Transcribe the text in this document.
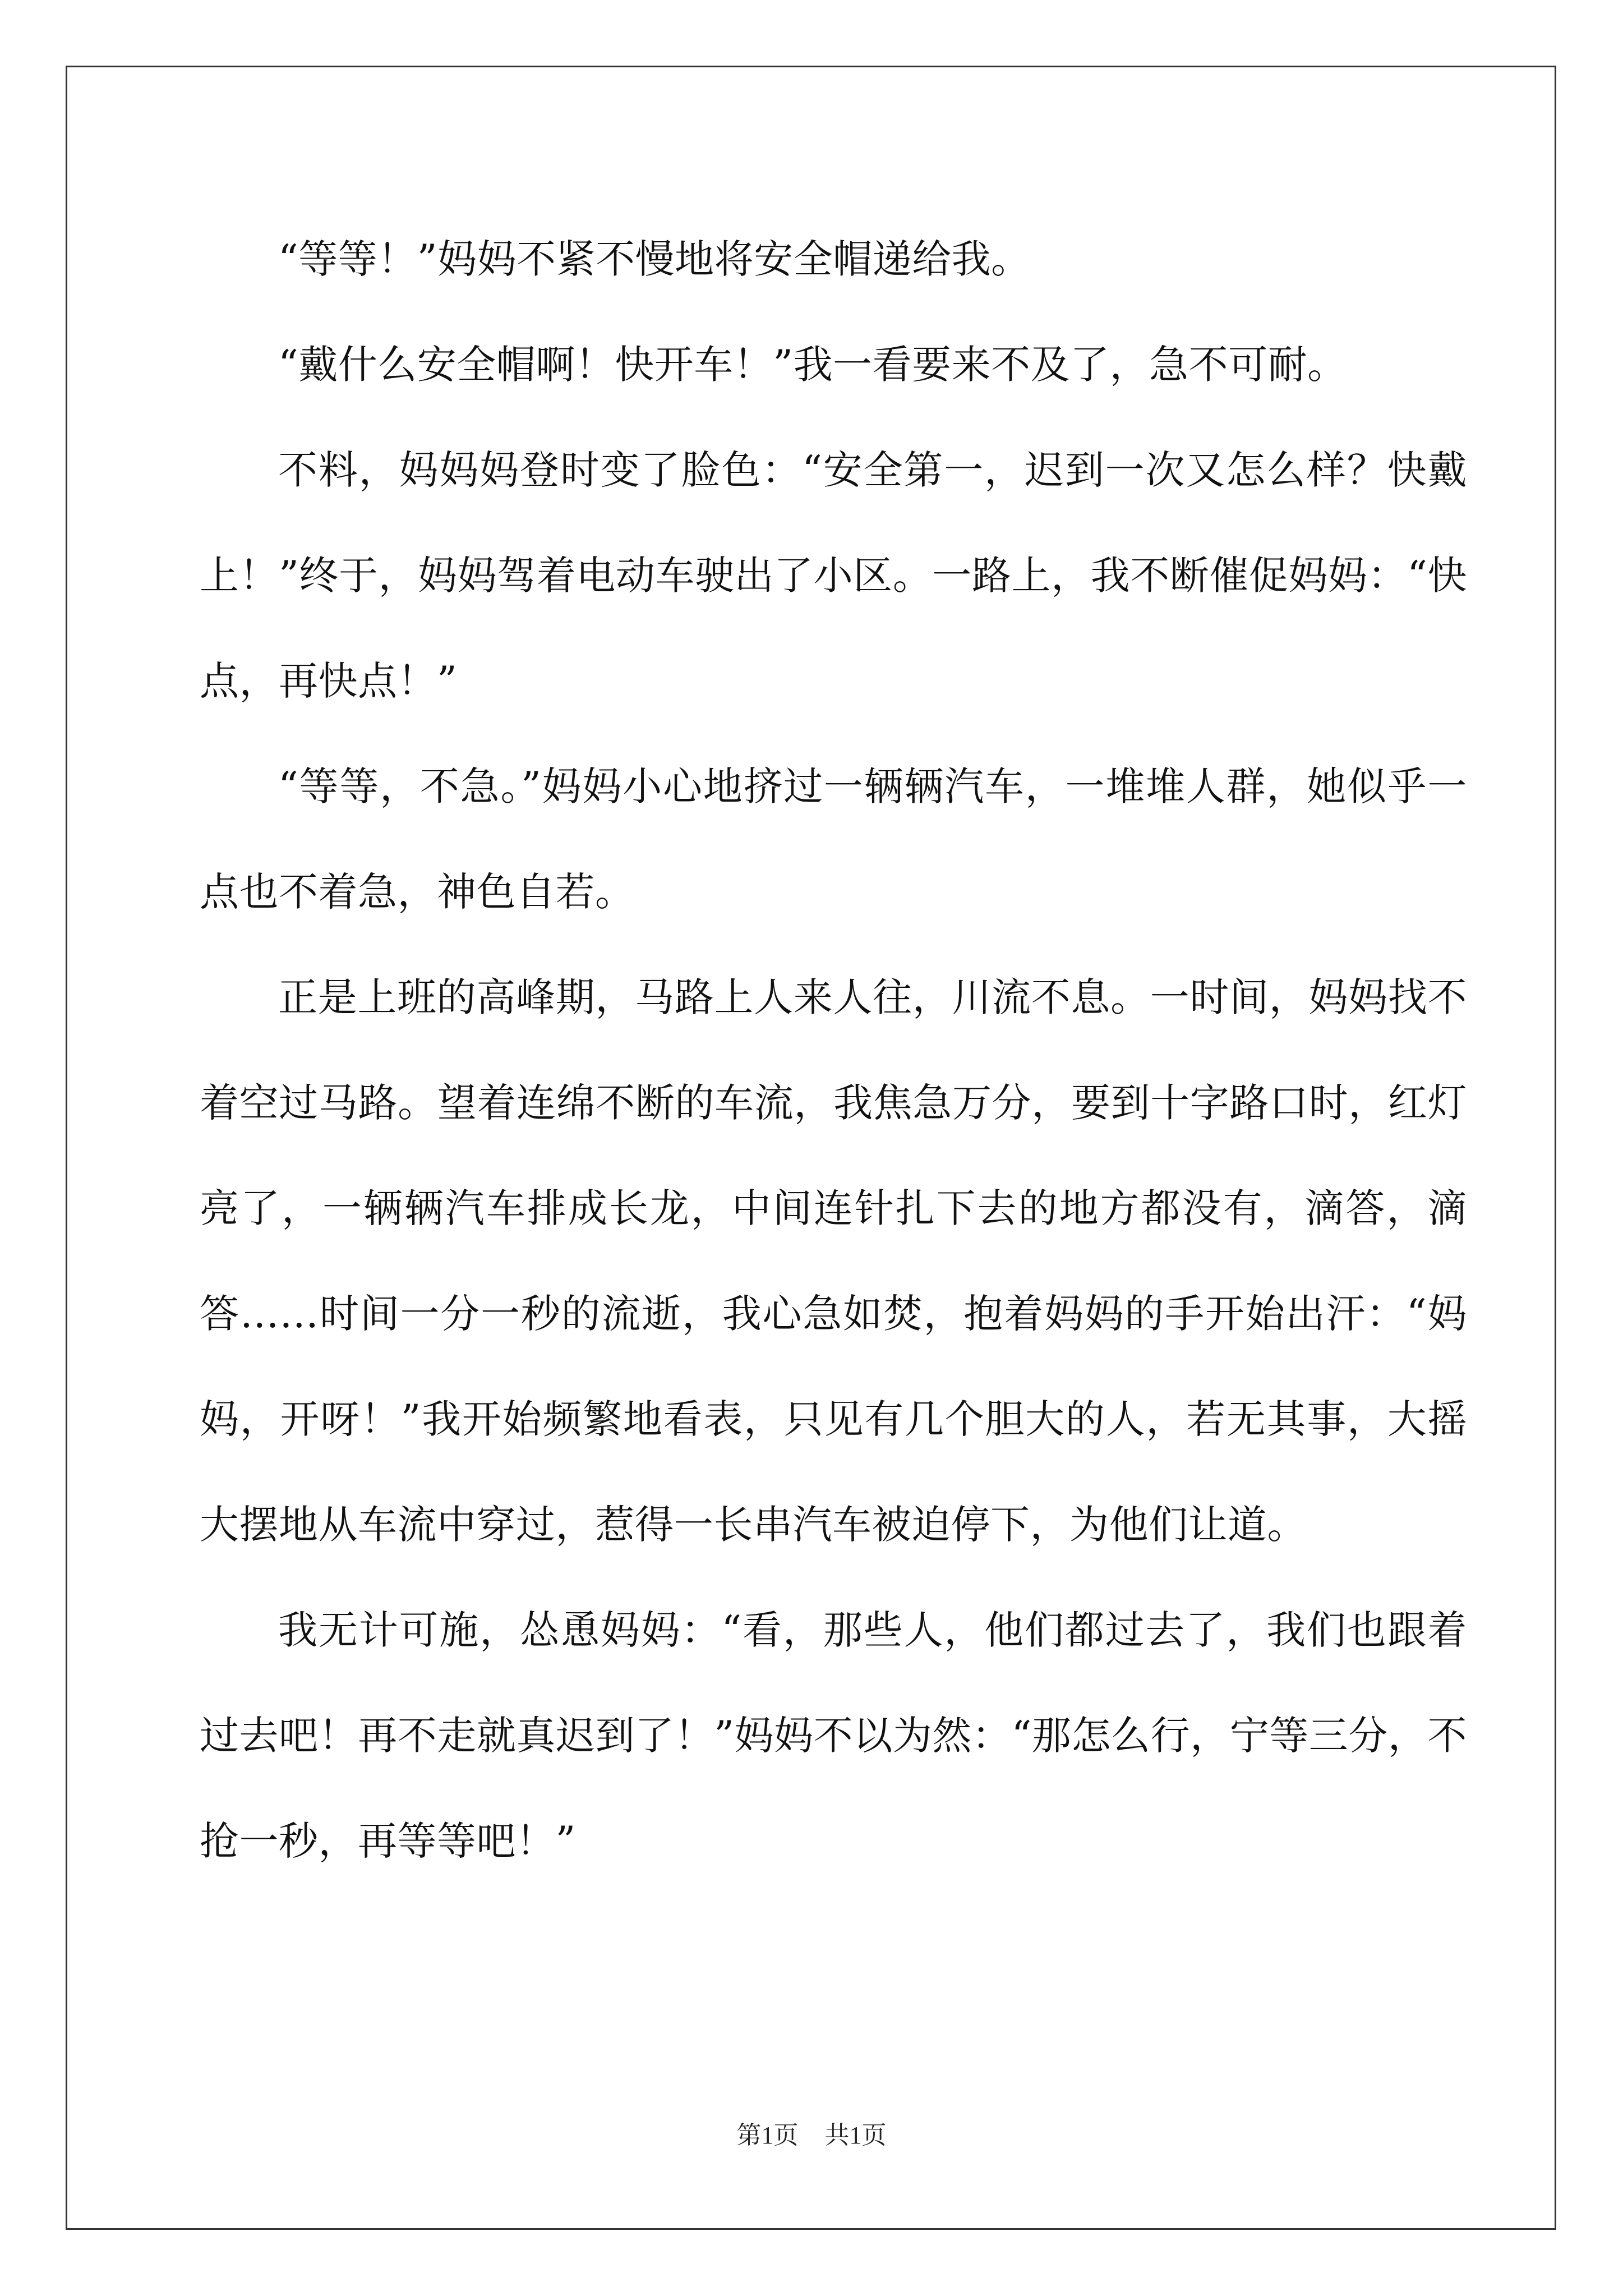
“等等！”妈妈不紧不慢地将安全帽递给我。

“戴什么安全帽啊！快开车！”我一看要来不及了，急不可耐。

不料，妈妈妈登时变了脸色：“安全第一，迟到一次又怎么样？快戴上！”终于，妈妈驾着电动车驶出了小区。一路上，我不断催促妈妈：“快点，再快点！”

“等等，不急。”妈妈小心地挤过一辆辆汽车，一堆堆人群，她似乎一点也不着急，神色自若。

正是上班的高峰期，马路上人来人往，川流不息。一时间，妈妈找不着空过马路。望着连绵不断的车流，我焦急万分，要到十字路口时，红灯亮了，一辆辆汽车排成长龙，中间连针扎下去的地方都没有，滴答，滴答……时间一分一秒的流逝，我心急如焚，抱着妈妈的手开始出汗：“妈妈，开呀！”我开始频繁地看表，只见有几个胆大的人，若无其事，大摇大摆地从车流中穿过，惹得一长串汽车被迫停下，为他们让道。

我无计可施，怂恿妈妈：“看，那些人，他们都过去了，我们也跟着过去吧！再不走就真迟到了！”妈妈不以为然：“那怎么行，宁等三分，不抢一秒，再等等吧！”

第1页 共1页
